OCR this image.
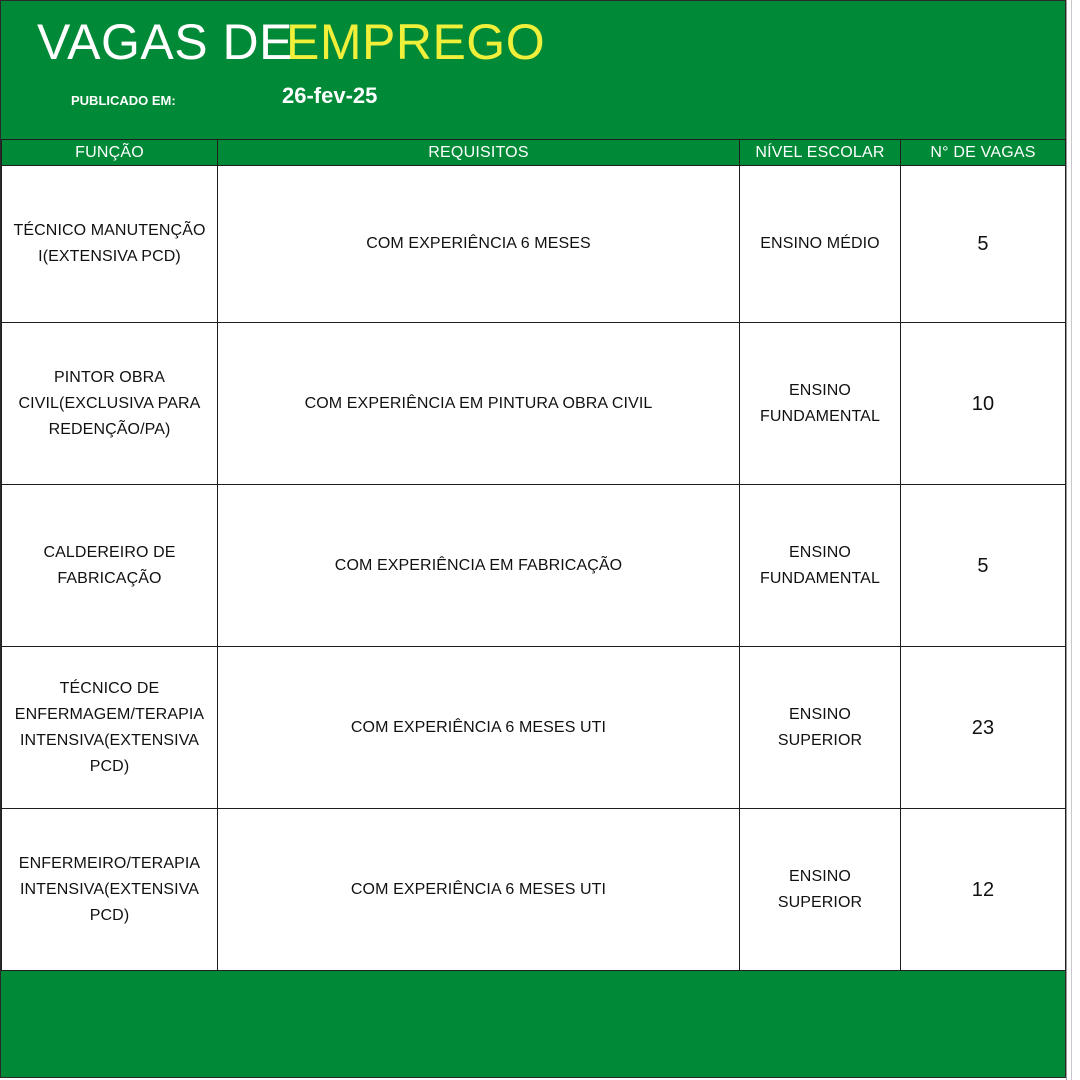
VAGAS DE
EMPREGO
PUBLICADO EM:	26-fev-25
FUNÇÃO	REQUISITOS	NÍVEL ESCOLAR	N° DE VAGAS
TÉCNICO MANUTENÇÃO I(EXTENSIVA PCD)	COM EXPERIÊNCIA 6 MESES	ENSINO MÉDIO	5
PINTOR OBRA CIVIL(EXCLUSIVA PARA REDENÇÃO/PA)	COM EXPERIÊNCIA EM PINTURA OBRA CIVIL	ENSINO FUNDAMENTAL	10
CALDEREIRO DE FABRICAÇÃO	COM EXPERIÊNCIA EM FABRICAÇÃO	ENSINO FUNDAMENTAL	5
TÉCNICO DE ENFERMAGEM/TERAPIA INTENSIVA(EXTENSIVA PCD)	COM EXPERIÊNCIA 6 MESES UTI	ENSINO SUPERIOR	23
ENFERMEIRO/TERAPIA INTENSIVA(EXTENSIVA PCD)	COM EXPERIÊNCIA 6 MESES UTI	ENSINO SUPERIOR	12
